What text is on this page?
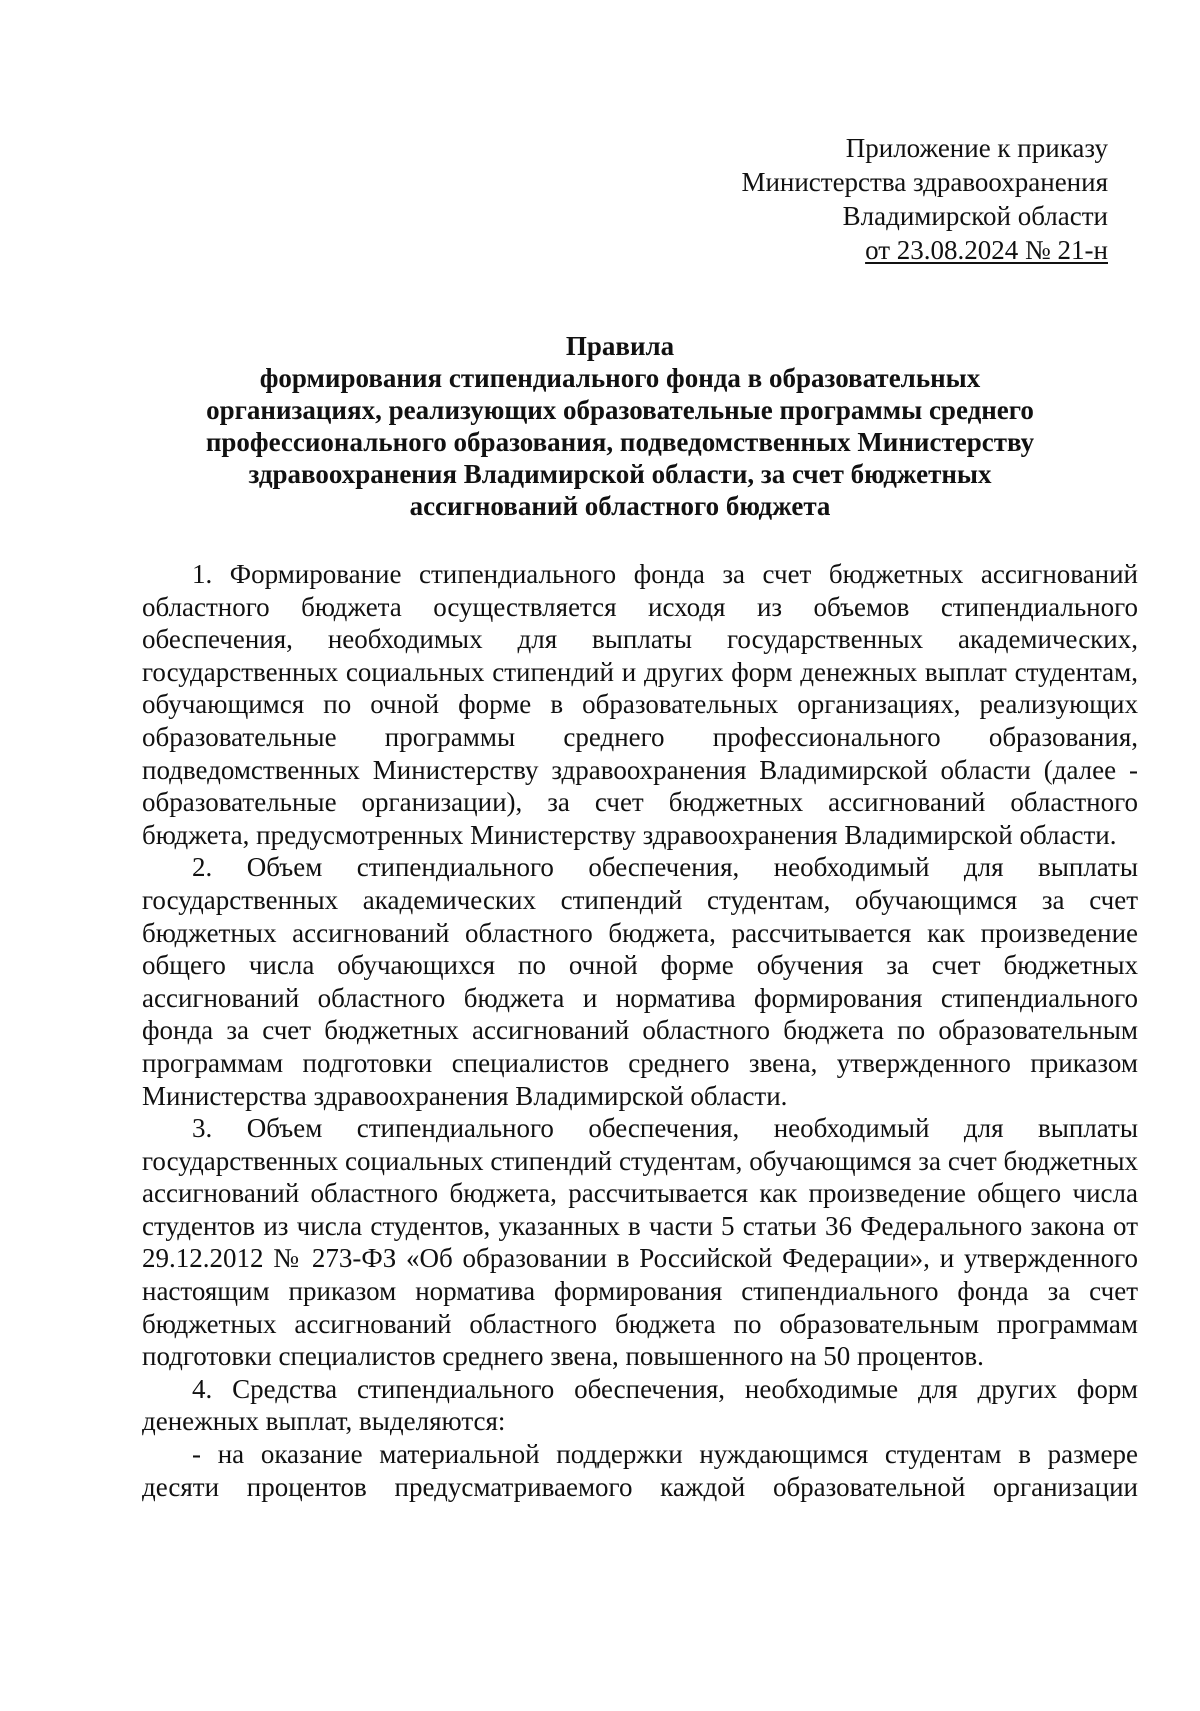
Приложение к приказу
Министерства здравоохранения
Владимирской области
от 23.08.2024 № 21-н
Правила
формирования стипендиального фонда в образовательных
организациях, реализующих образовательные программы среднего
профессионального образования, подведомственных Министерству
здравоохранения Владимирской области, за счет бюджетных
ассигнований областного бюджета

1. Формирование стипендиального фонда за счет бюджетных ассигнований областного бюджета осуществляется исходя из объемов стипендиального обеспечения, необходимых для выплаты государственных академических, государственных социальных стипендий и других форм денежных выплат студентам, обучающимся по очной форме в образовательных организациях, реализующих образовательные программы среднего профессионального образования, подведомственных Министерству здравоохранения Владимирской области (далее - образовательные организации), за счет бюджетных ассигнований областного бюджета, предусмотренных Министерству здравоохранения Владимирской области.

2. Объем стипендиального обеспечения, необходимый для выплаты государственных академических стипендий студентам, обучающимся за счет бюджетных ассигнований областного бюджета, рассчитывается как произведение общего числа обучающихся по очной форме обучения за счет бюджетных ассигнований областного бюджета и норматива формирования стипендиального фонда за счет бюджетных ассигнований областного бюджета по образовательным программам подготовки специалистов среднего звена, утвержденного приказом Министерства здравоохранения Владимирской области.

3. Объем стипендиального обеспечения, необходимый для выплаты государственных социальных стипендий студентам, обучающимся за счет бюджетных ассигнований областного бюджета, рассчитывается как произведение общего числа студентов из числа студентов, указанных в части 5 статьи 36 Федерального закона от 29.12.2012 № 273-ФЗ «Об образовании в Российской Федерации», и утвержденного настоящим приказом норматива формирования стипендиального фонда за счет бюджетных ассигнований областного бюджета по образовательным программам подготовки специалистов среднего звена, повышенного на 50 процентов.

4. Средства стипендиального обеспечения, необходимые для других форм денежных выплат, выделяются:

- на оказание материальной поддержки нуждающимся студентам в размере десяти процентов предусматриваемого каждой образовательной организации
